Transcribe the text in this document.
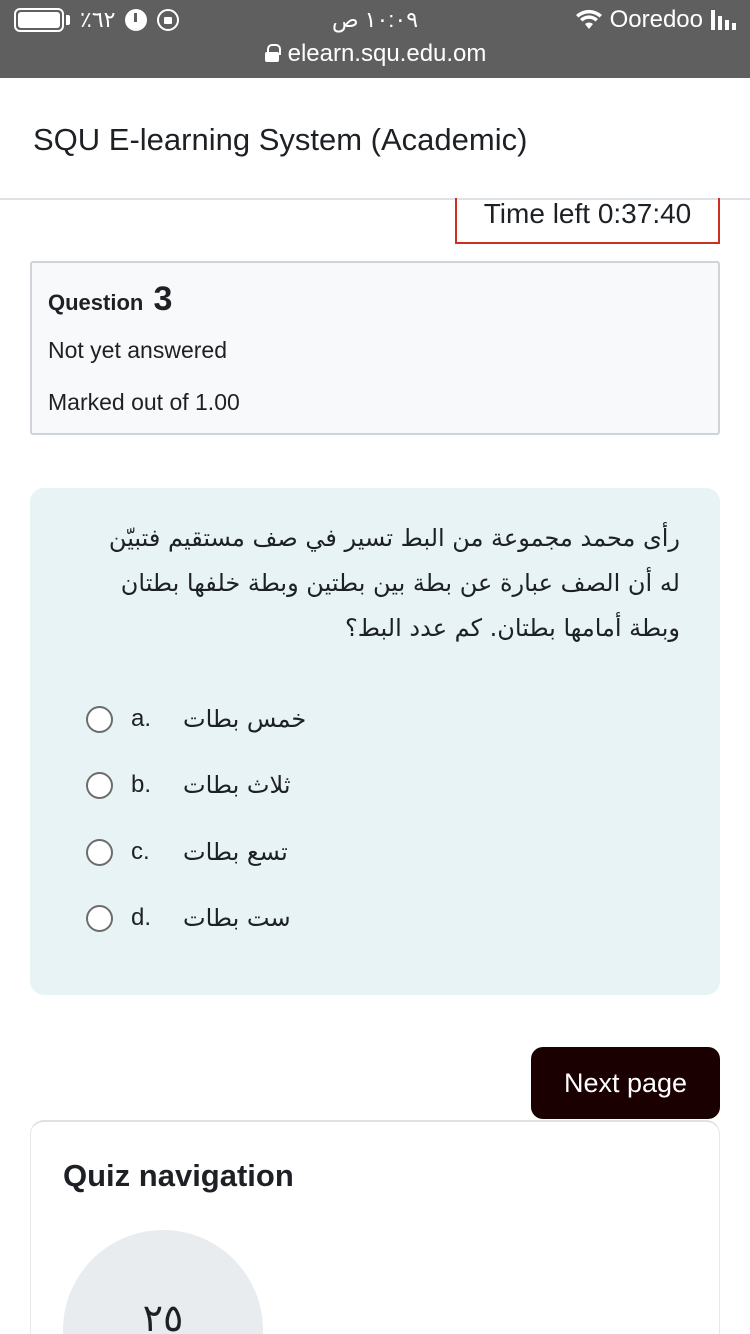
٪٦٢	١٠:٠٩ ص	Ooredoo
elearn.squ.edu.om
SQU E-learning System (Academic)
Time left 0:37:40
Question 3
Not yet answered
Marked out of 1.00
رأى محمد مجموعة من البط تسير في صف مستقيم فتبيّن له أن الصف عبارة عن بطة بين بطتين وبطة خلفها بطتان وبطة أمامها بطتان. كم عدد البط؟
a.	خمس بطات
b.	ثلاث بطات
c.	تسع بطات
d.	ست بطات
Next page
Quiz navigation
٢٥
